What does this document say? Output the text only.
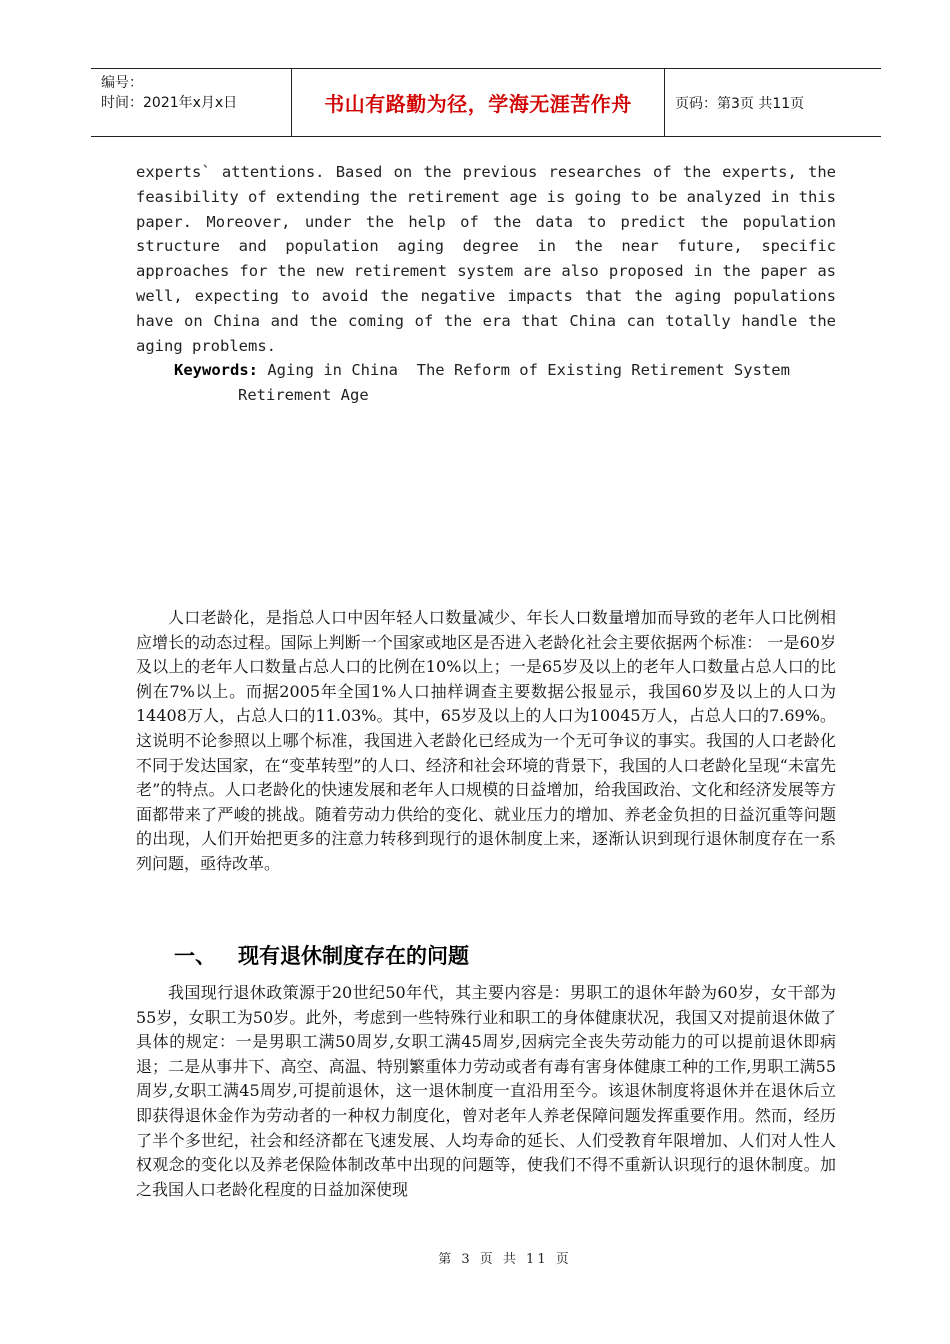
编号：
时间：2021年x月x日	书山有路勤为径，学海无涯苦作舟	页码：第3页 共11页
experts` attentions. Based on the previous researches of the experts, the feasibility of extending the retirement age is going to be analyzed in this paper. Moreover, under the help of the data to predict the population structure and population aging degree in the near future, specific approaches for the new retirement system are also proposed in the paper as well, expecting to avoid the negative impacts that the aging populations have on China and the coming of the era that China can totally handle the aging problems.
Keywords: Aging in China  The Reform of Existing Retirement System
Retirement Age
人口老龄化，是指总人口中因年轻人口数量减少、年长人口数量增加而导致的老年人口比例相应增长的动态过程。国际上判断一个国家或地区是否进入老龄化社会主要依据两个标准： 一是60岁及以上的老年人口数量占总人口的比例在10%以上；一是65岁及以上的老年人口数量占总人口的比例在7%以上。而据2005年全国1%人口抽样调查主要数据公报显示，我国60岁及以上的人口为14408万人，占总人口的11.03%。其中，65岁及以上的人口为10045万人，占总人口的7.69%。这说明不论参照以上哪个标准，我国进入老龄化已经成为一个无可争议的事实。我国的人口老龄化不同于发达国家，在“变革转型”的人口、经济和社会环境的背景下，我国的人口老龄化呈现“未富先老”的特点。人口老龄化的快速发展和老年人口规模的日益增加，给我国政治、文化和经济发展等方面都带来了严峻的挑战。随着劳动力供给的变化、就业压力的增加、养老金负担的日益沉重等问题的出现，人们开始把更多的注意力转移到现行的退休制度上来，逐渐认识到现行退休制度存在一系列问题，亟待改革。
一、 现有退休制度存在的问题
我国现行退休政策源于20世纪50年代，其主要内容是：男职工的退休年龄为60岁，女干部为55岁，女职工为50岁。此外，考虑到一些特殊行业和职工的身体健康状况，我国又对提前退休做了具体的规定：一是男职工满50周岁,女职工满45周岁,因病完全丧失劳动能力的可以提前退休即病退；二是从事井下、高空、高温、特别繁重体力劳动或者有毒有害身体健康工种的工作,男职工满55周岁,女职工满45周岁,可提前退休，这一退休制度一直沿用至今。该退休制度将退休并在退休后立即获得退休金作为劳动者的一种权力制度化，曾对老年人养老保障问题发挥重要作用。然而，经历了半个多世纪，社会和经济都在飞速发展、人均寿命的延长、人们受教育年限增加、人们对人性人权观念的变化以及养老保险体制改革中出现的问题等，使我们不得不重新认识现行的退休制度。加之我国人口老龄化程度的日益加深使现
第 3 页 共 11 页
